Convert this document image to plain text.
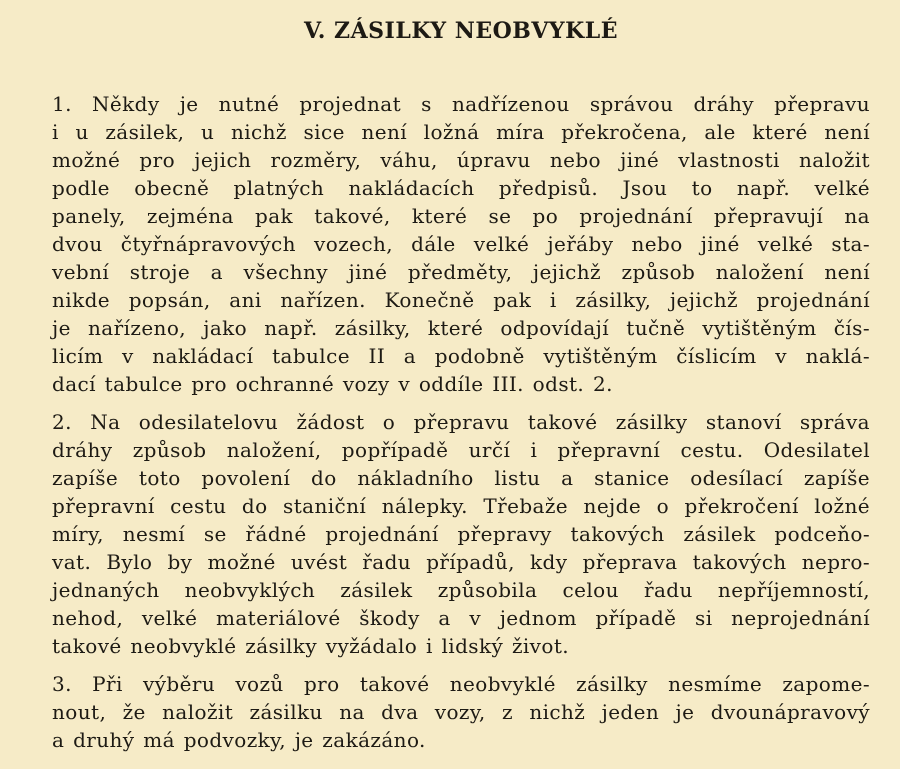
V. ZÁSILKY NEOBVYKLÉ
1. Někdy je nutné projednat s nadřízenou správou dráhy přepravu
i u zásilek, u nichž sice není ložná míra překročena, ale které není
možné pro jejich rozměry, váhu, úpravu nebo jiné vlastnosti naložit
podle obecně platných nakládacích předpisů. Jsou to např. velké
panely, zejména pak takové, které se po projednání přepravují na
dvou čtyřnápravových vozech, dále velké jeřáby nebo jiné velké sta-
vební stroje a všechny jiné předměty, jejichž způsob naložení není
nikde popsán, ani nařízen. Konečně pak i zásilky, jejichž projednání
je nařízeno, jako např. zásilky, které odpovídají tučně vytištěným čís-
licím v nakládací tabulce II a podobně vytištěným číslicím v naklá-
dací tabulce pro ochranné vozy v oddíle III. odst. 2.
2. Na odesilatelovu žádost o přepravu takové zásilky stanoví správa
dráhy způsob naložení, popřípadě určí i přepravní cestu. Odesilatel
zapíše toto povolení do nákladního listu a stanice odesílací zapíše
přepravní cestu do staniční nálepky. Třebaže nejde o překročení ložné
míry, nesmí se řádné projednání přepravy takových zásilek podceňo-
vat. Bylo by možné uvést řadu případů, kdy přeprava takových nepro-
jednaných neobvyklých zásilek způsobila celou řadu nepříjemností,
nehod, velké materiálové škody a v jednom případě si neprojednání
takové neobvyklé zásilky vyžádalo i lidský život.
3. Při výběru vozů pro takové neobvyklé zásilky nesmíme zapome-
nout, že naložit zásilku na dva vozy, z nichž jeden je dvounápravový
a druhý má podvozky, je zakázáno.
